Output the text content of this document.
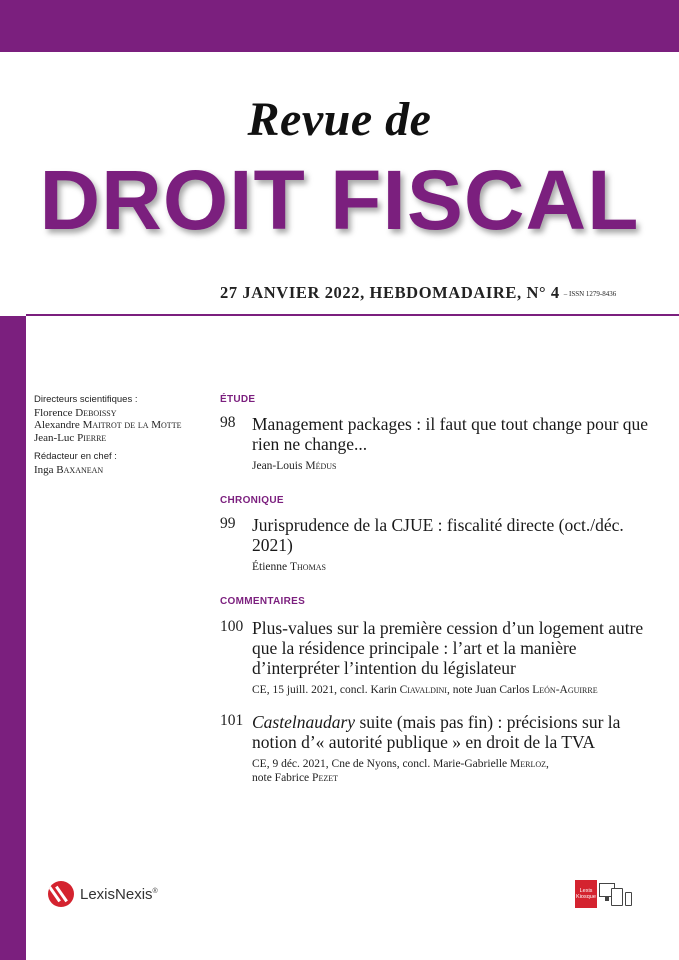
Revue de
DROIT FISCAL
27 JANVIER 2022, HEBDOMADAIRE, N° 4 – ISSN 1279-8436
Directeurs scientifiques :
Florence Deboissy
Alexandre Maitrot de la Motte
Jean-Luc Pierre
Rédacteur en chef :
Inga Baxanean
ÉTUDE
98 Management packages : il faut que tout change pour que rien ne change...
Jean-Louis Médus
CHRONIQUE
99 Jurisprudence de la CJUE : fiscalité directe (oct./déc. 2021)
Étienne Thomas
COMMENTAIRES
100 Plus-values sur la première cession d’un logement autre que la résidence principale : l’art et la manière d’interpréter l’intention du législateur
CE, 15 juill. 2021, concl. Karin Ciavaldini, note Juan Carlos León-Aguirre
101 Castelnaudary suite (mais pas fin) : précisions sur la notion d’« autorité publique » en droit de la TVA
CE, 9 déc. 2021, Cne de Nyons, concl. Marie-Gabrielle Merloz,
note Fabrice Pezet
LexisNexis®	Lexis
Kiosque
